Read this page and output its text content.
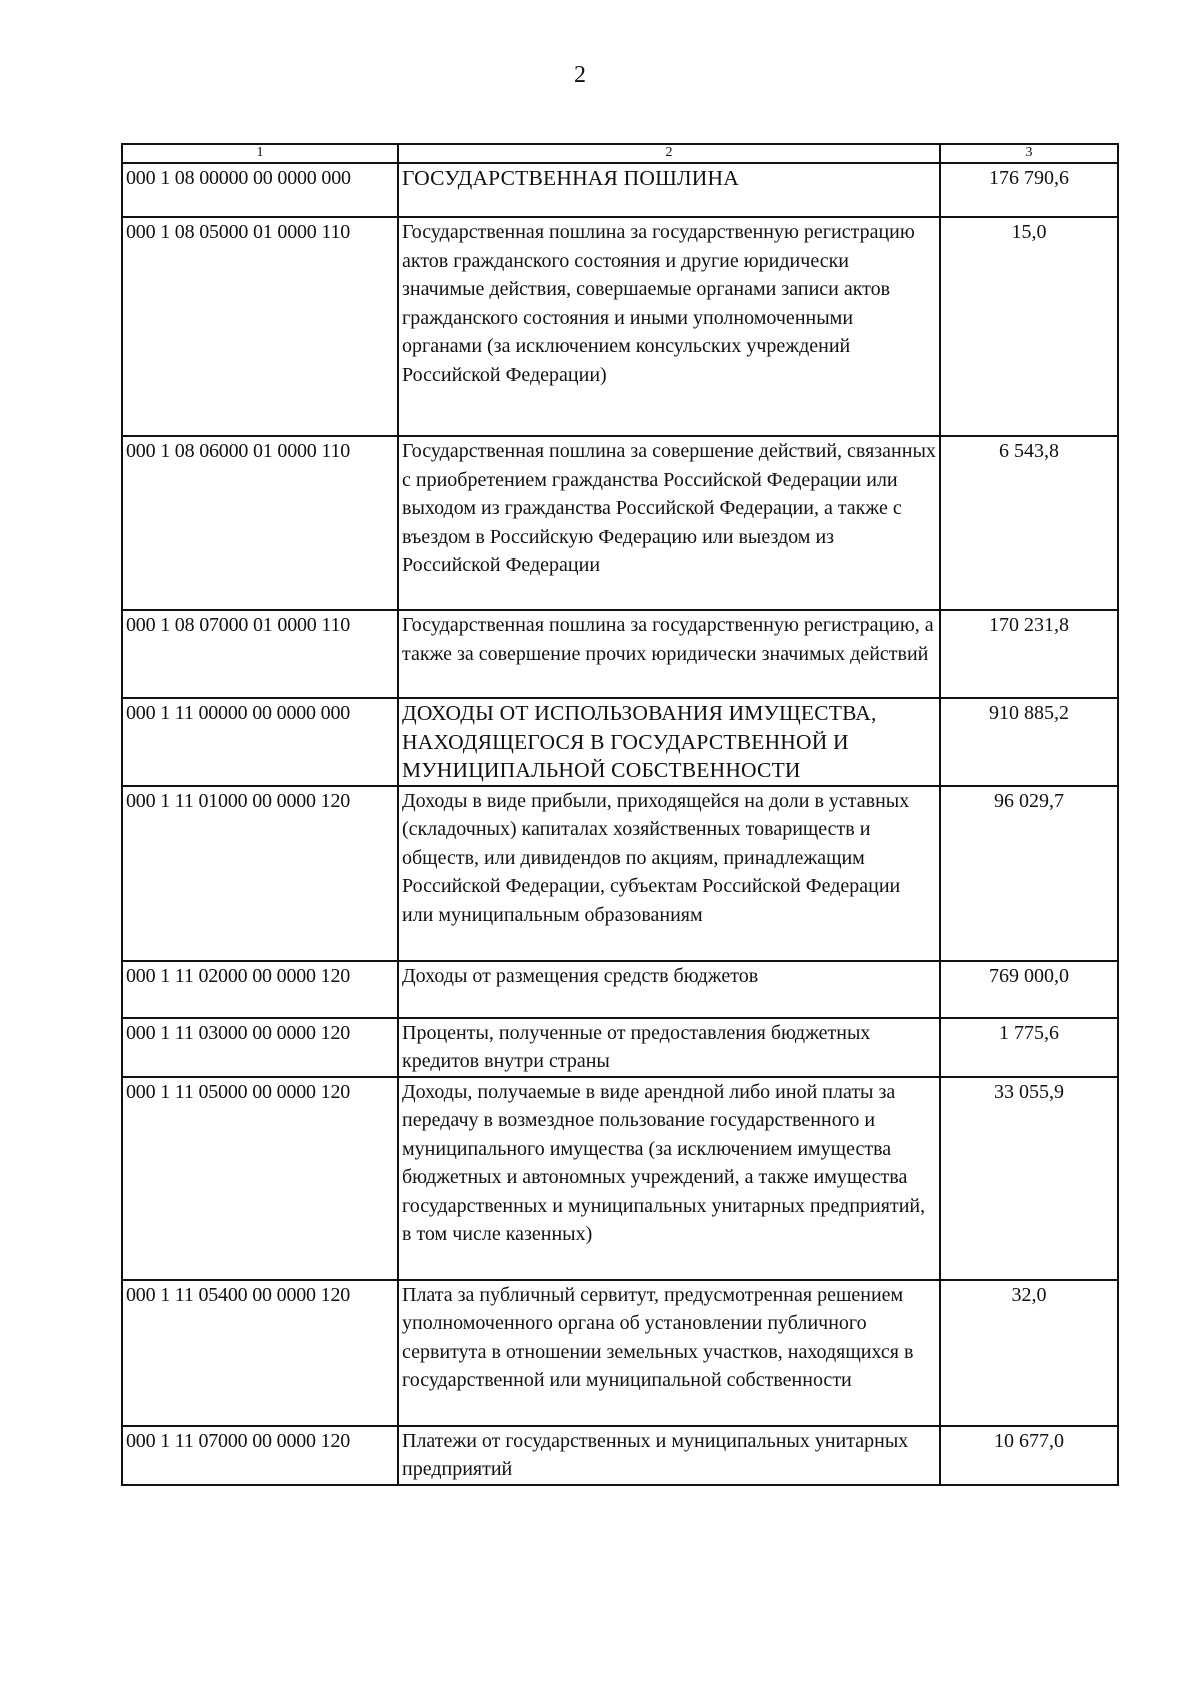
2
1	2	3
000 1 08 00000 00 0000 000	ГОСУДАРСТВЕННАЯ ПОШЛИНА	176 790,6
000 1 08 05000 01 0000 110	Государственная пошлина за государственную регистрацию актов гражданского состояния и другие юридически значимые действия, совершаемые органами записи актов гражданского состояния и иными уполномоченными органами (за исключением консульских учреждений Российской Федерации)	15,0
000 1 08 06000 01 0000 110	Государственная пошлина за совершение действий, связанных с приобретением гражданства Российской Федерации или выходом из гражданства Российской Федерации, а также с въездом в Российскую Федерацию или выездом из Российской Федерации	6 543,8
000 1 08 07000 01 0000 110	Государственная пошлина за государственную регистрацию, а также за совершение прочих юридически значимых действий	170 231,8
000 1 11 00000 00 0000 000	ДОХОДЫ ОТ ИСПОЛЬЗОВАНИЯ ИМУЩЕСТВА, НАХОДЯЩЕГОСЯ В ГОСУДАРСТВЕННОЙ И МУНИЦИПАЛЬНОЙ СОБСТВЕННОСТИ	910 885,2
000 1 11 01000 00 0000 120	Доходы в виде прибыли, приходящейся на доли в уставных (складочных) капиталах хозяйственных товариществ и обществ, или дивидендов по акциям, принадлежащим Российской Федерации, субъектам Российской Федерации или муниципальным образованиям	96 029,7
000 1 11 02000 00 0000 120	Доходы от размещения средств бюджетов	769 000,0
000 1 11 03000 00 0000 120	Проценты, полученные от предоставления бюджетных кредитов внутри страны	1 775,6
000 1 11 05000 00 0000 120	Доходы, получаемые в виде арендной либо иной платы за передачу в возмездное пользование государственного и муниципального имущества (за исключением имущества бюджетных и автономных учреждений, а также имущества государственных и муниципальных унитарных предприятий, в том числе казенных)	33 055,9
000 1 11 05400 00 0000 120	Плата за публичный сервитут, предусмотренная решением уполномоченного органа об установлении публичного сервитута в отношении земельных участков, находящихся в государственной или муниципальной собственности	32,0
000 1 11 07000 00 0000 120	Платежи от государственных и муниципальных унитарных предприятий	10 677,0
